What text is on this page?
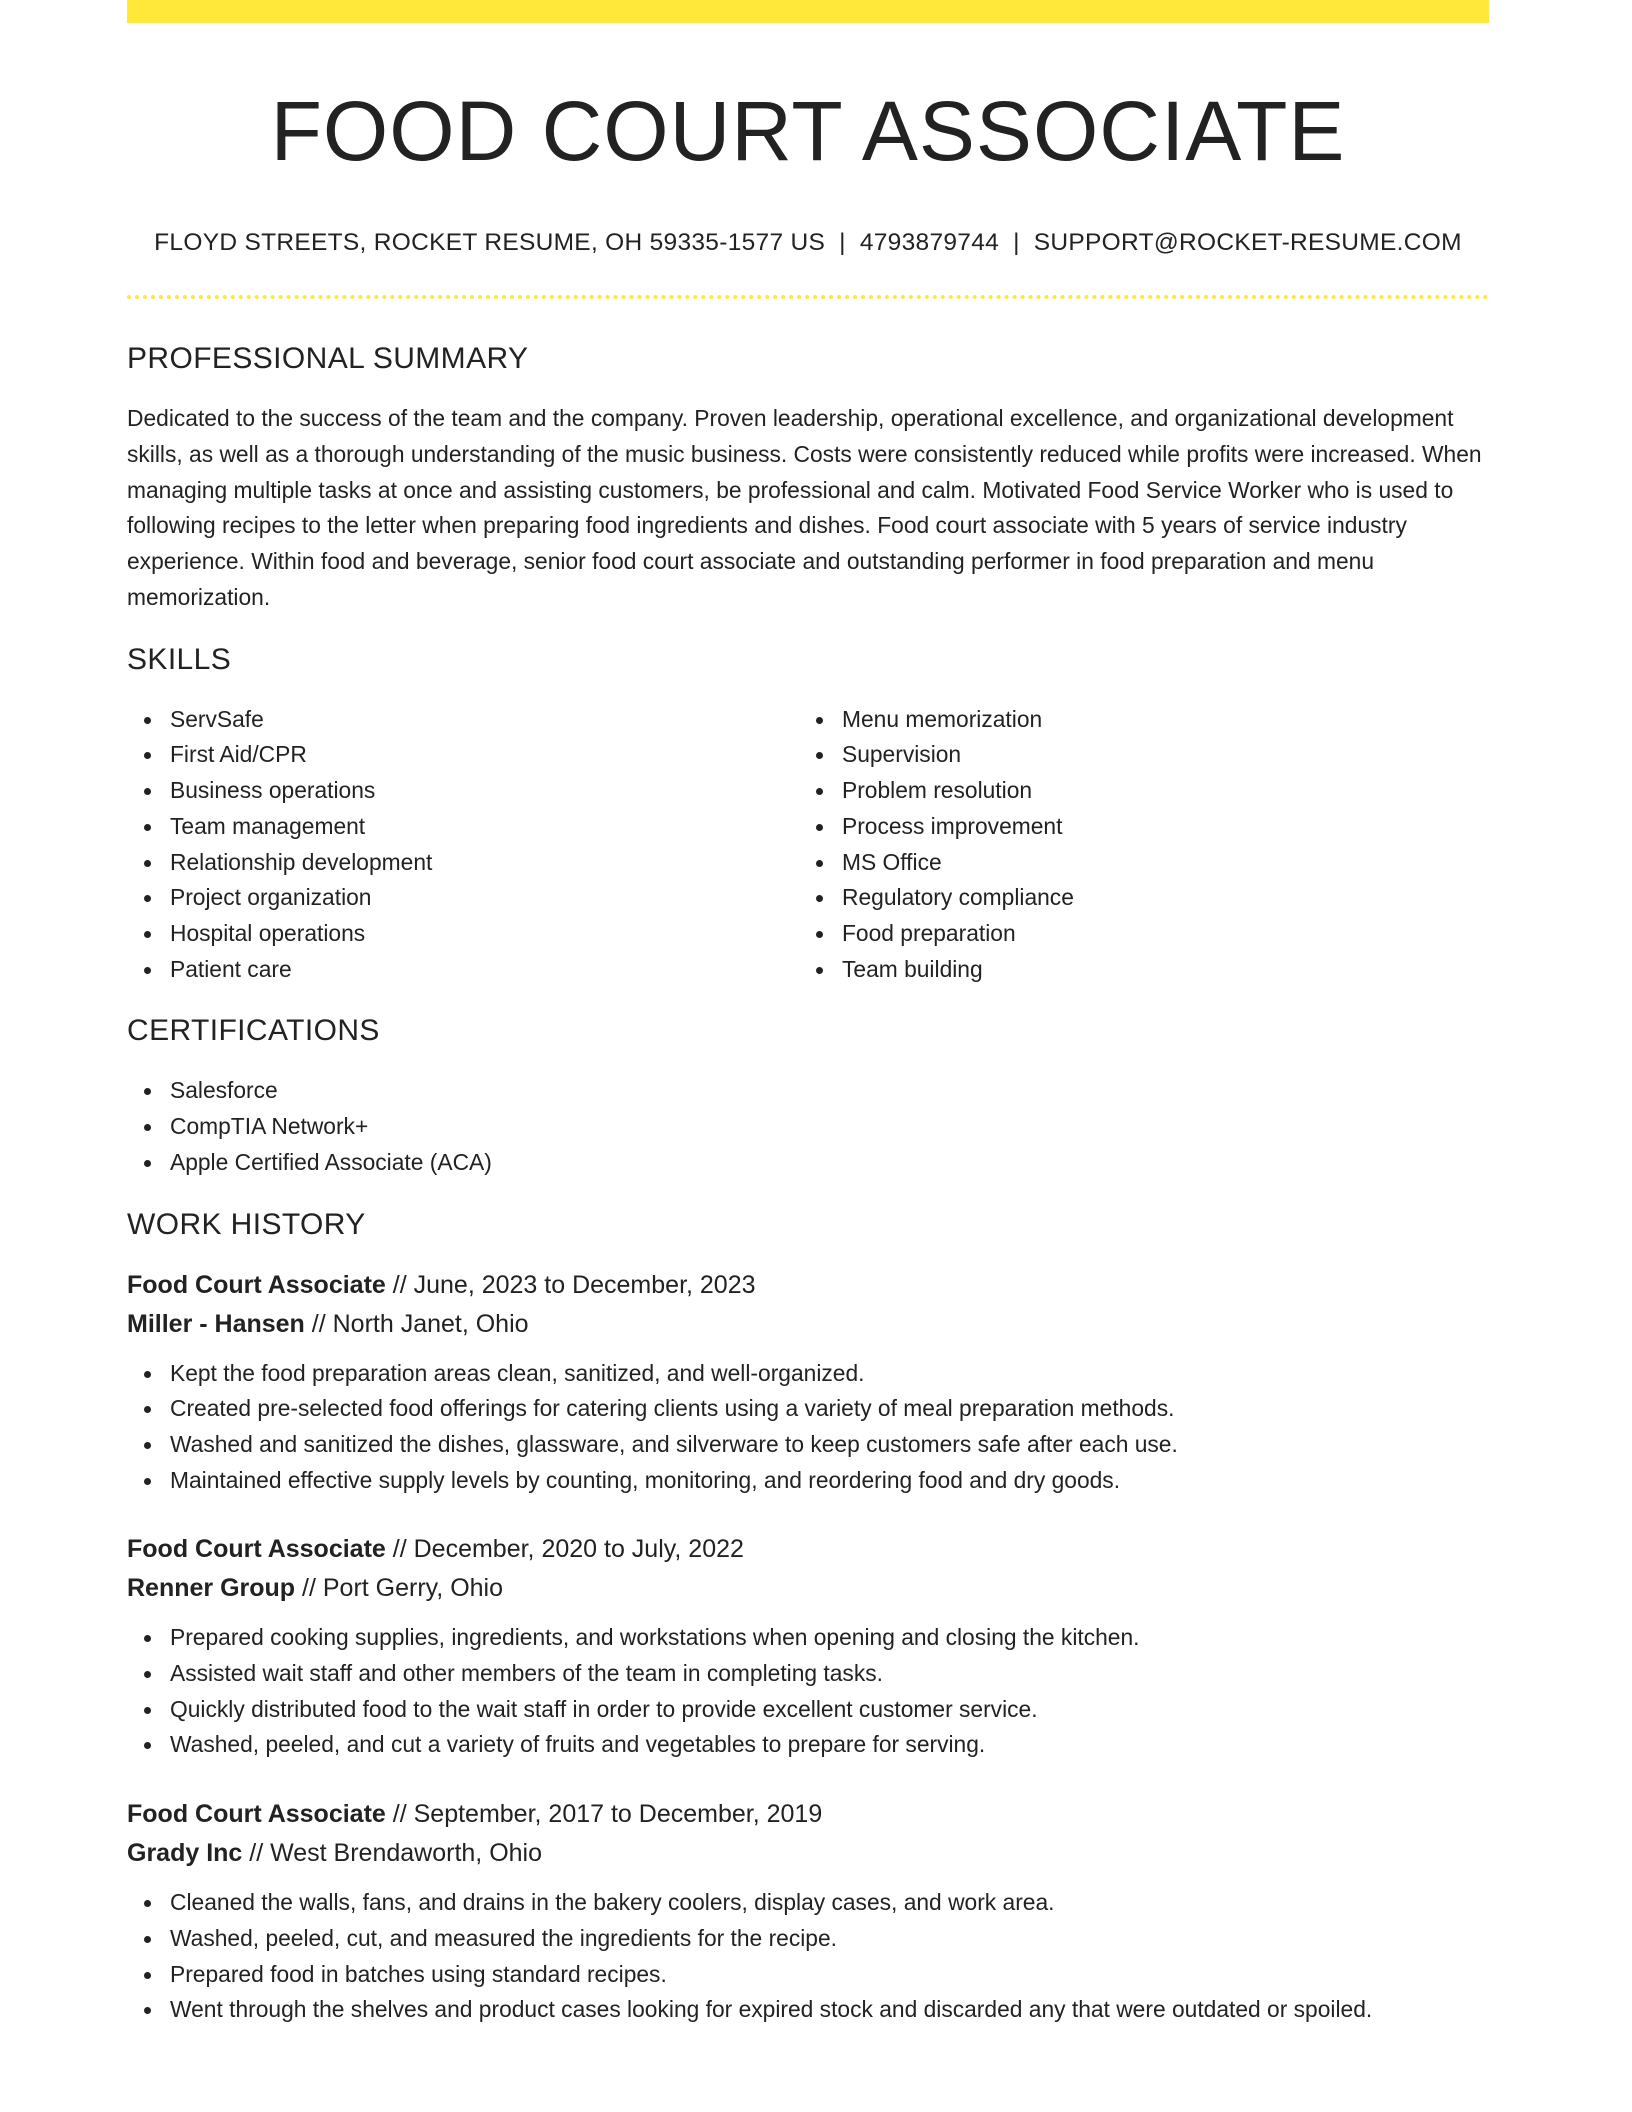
FOOD COURT ASSOCIATE
FLOYD STREETS, ROCKET RESUME, OH 59335-1577 US | 4793879744 | SUPPORT@ROCKET-RESUME.COM
PROFESSIONAL SUMMARY

Dedicated to the success of the team and the company. Proven leadership, operational excellence, and organizational development skills, as well as a thorough understanding of the music business. Costs were consistently reduced while profits were increased. When managing multiple tasks at once and assisting customers, be professional and calm. Motivated Food Service Worker who is used to following recipes to the letter when preparing food ingredients and dishes. Food court associate with 5 years of service industry experience. Within food and beverage, senior food court associate and outstanding performer in food preparation and menu memorization.

SKILLS
ServSafe
First Aid/CPR
Business operations
Team management
Relationship development
Project organization
Hospital operations
Patient care
Menu memorization
Supervision
Problem resolution
Process improvement
MS Office
Regulatory compliance
Food preparation
Team building
CERTIFICATIONS
Salesforce
CompTIA Network+
Apple Certified Associate (ACA)
WORK HISTORY
Food Court Associate // June, 2023 to December, 2023
Miller - Hansen // North Janet, Ohio
Kept the food preparation areas clean, sanitized, and well-organized.
Created pre-selected food offerings for catering clients using a variety of meal preparation methods.
Washed and sanitized the dishes, glassware, and silverware to keep customers safe after each use.
Maintained effective supply levels by counting, monitoring, and reordering food and dry goods.
Food Court Associate // December, 2020 to July, 2022
Renner Group // Port Gerry, Ohio
Prepared cooking supplies, ingredients, and workstations when opening and closing the kitchen.
Assisted wait staff and other members of the team in completing tasks.
Quickly distributed food to the wait staff in order to provide excellent customer service.
Washed, peeled, and cut a variety of fruits and vegetables to prepare for serving.
Food Court Associate // September, 2017 to December, 2019
Grady Inc // West Brendaworth, Ohio
Cleaned the walls, fans, and drains in the bakery coolers, display cases, and work area.
Washed, peeled, cut, and measured the ingredients for the recipe.
Prepared food in batches using standard recipes.
Went through the shelves and product cases looking for expired stock and discarded any that were outdated or spoiled.
